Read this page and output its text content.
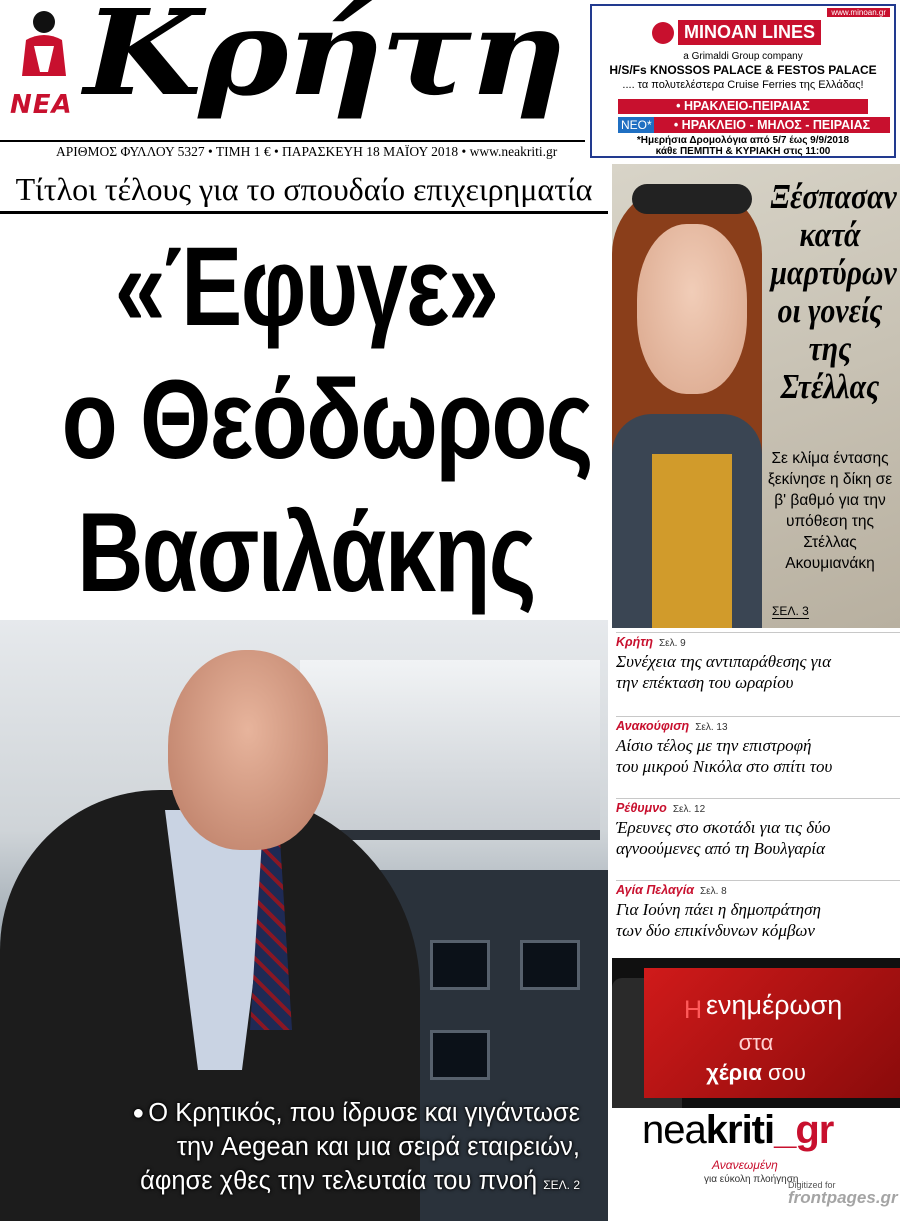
ΝΕΑ Κρήτη
ΑΡΙΘΜΟΣ ΦΥΛΛΟΥ 5327 • ΤΙΜΗ 1 € • ΠΑΡΑΣΚΕΥΗ 18 ΜΑΪΟΥ 2018 • www.neakriti.gr
www.minoan.gr
MINOAN LINES
a Grimaldi Group company
H/S/Fs KNOSSOS PALACE & FESTOS PALACE
.... τα πολυτελέστερα Cruise Ferries της Ελλάδας!
• ΗΡΑΚΛΕΙΟ-ΠΕΙΡΑΙΑΣ
ΝΕΟ*	• ΗΡΑΚΛΕΙΟ - ΜΗΛΟΣ - ΠΕΙΡΑΙΑΣ
*Ημερήσια Δρομολόγια από 5/7 έως 9/9/2018
κάθε ΠΕΜΠΤΗ & ΚΥΡΙΑΚΗ στις 11:00
Τίτλοι τέλους για το σπουδαίο επιχειρηματία
«Έφυγε»
ο Θεόδωρος
Βασιλάκης
● Ο Κρητικός, που ίδρυσε και γιγάντωσε
την Aegean και μια σειρά εταιρειών,
άφησε χθες την τελευταία του πνοή ΣΕΛ. 2
Ξέσπασαν
κατά
μαρτύρων
οι γονείς
της
Στέλλας
Σε κλίμα έντασης ξεκίνησε η δίκη σε β' βαθμό για την υπόθεση της Στέλλας Ακουμιανάκη
ΣΕΛ. 3
Κρήτη Σελ. 9
Συνέχεια της αντιπαράθεσης για
την επέκταση του ωραρίου
Ανακούφιση Σελ. 13
Αίσιο τέλος με την επιστροφή
του μικρού Νικόλα στο σπίτι του
Ρέθυμνο Σελ. 12
Έρευνες στο σκοτάδι για τις δύο
αγνοούμενες από τη Βουλγαρία
Αγία Πελαγία Σελ. 8
Για Ιούνη πάει η δημοπράτηση
των δύο επικίνδυνων κόμβων
Η ενημέρωση
στα
χέρια σου
neakriti_gr
Ανανεωμένη
για εύκολη πλοήγηση
Digitized for
frontpages.gr
